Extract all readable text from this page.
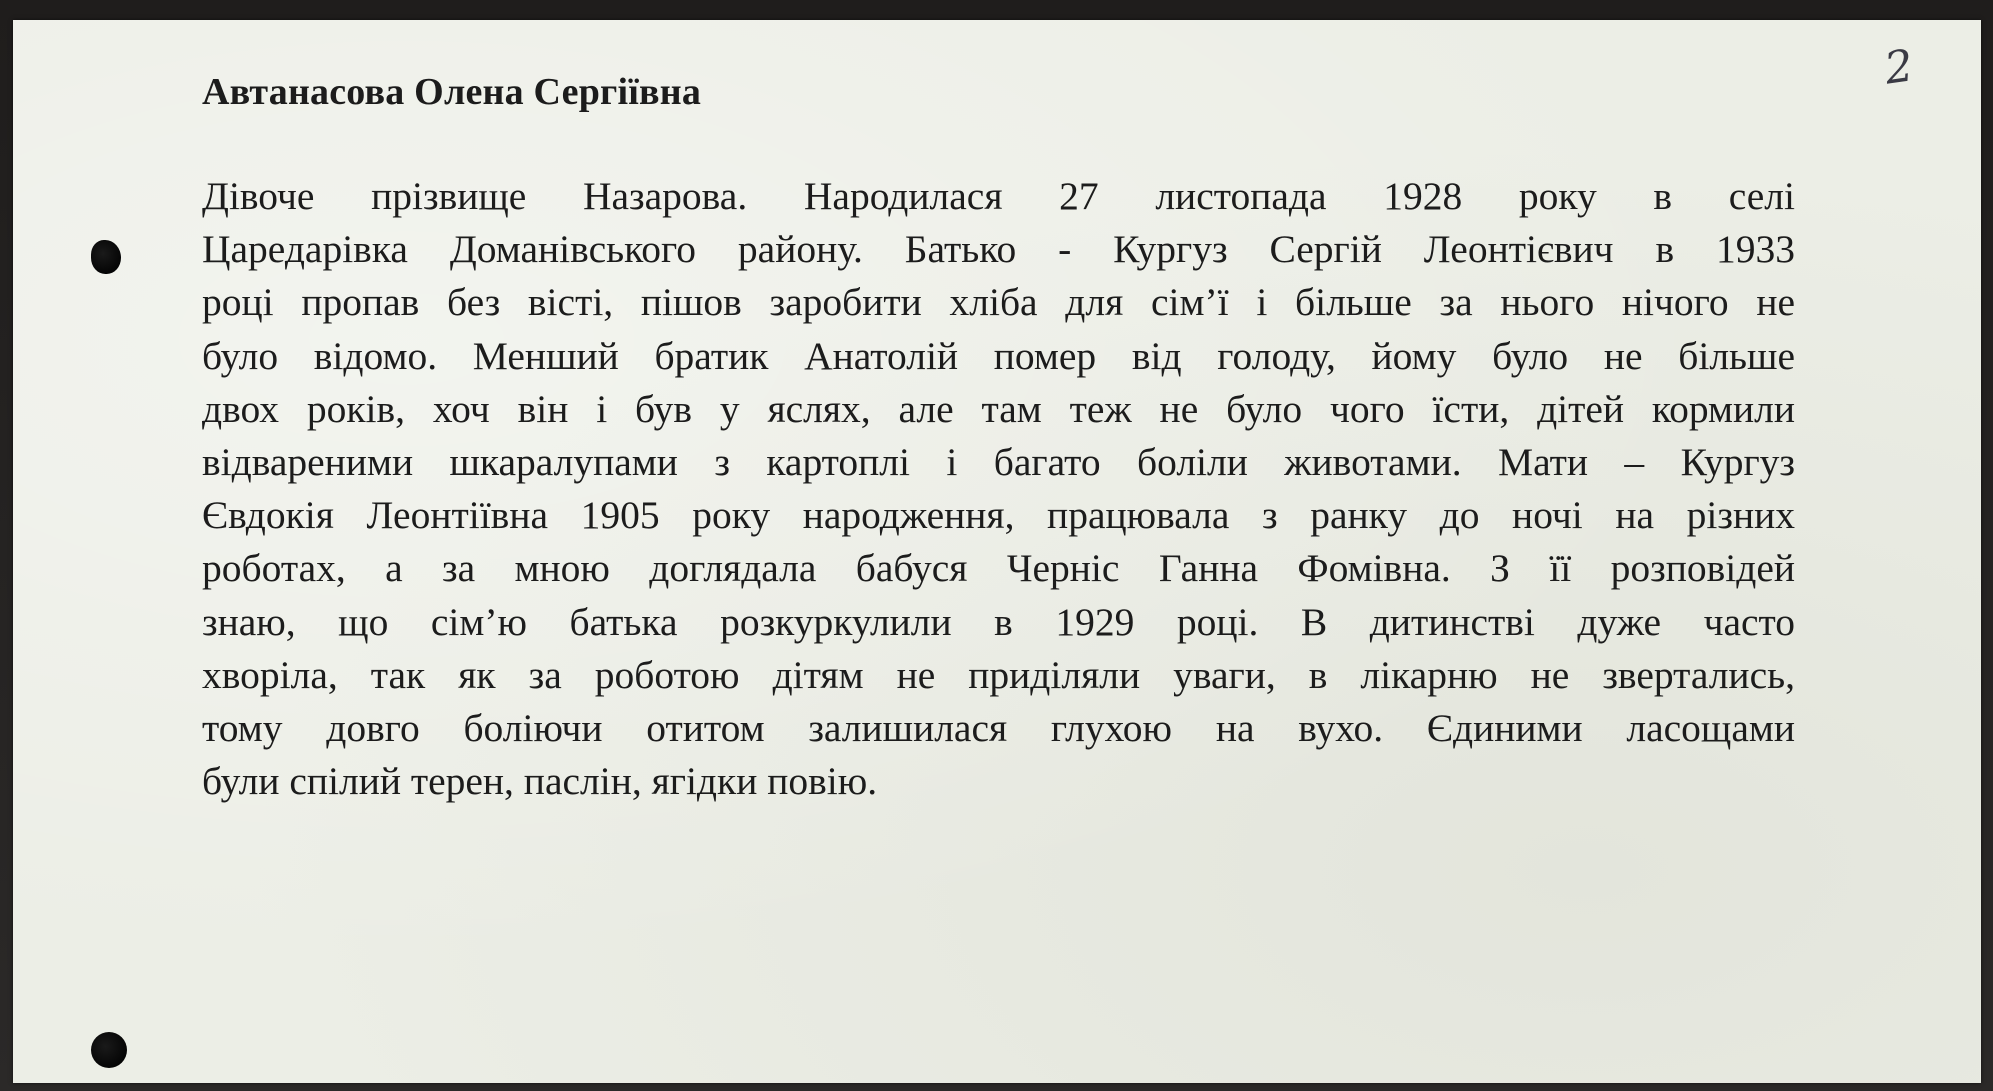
2
Автанасова Олена Сергіївна
Дівоче прізвище Назарова. Народилася 27 листопада 1928 року в селі
Царедарівка Доманівського району. Батько - Кургуз Сергій Леонтієвич в 1933
році пропав без вісті, пішов заробити хліба для сім’ї і більше за нього нічого не
було відомо. Менший братик Анатолій помер від голоду, йому було не більше
двох років, хоч він і був у яслях, але там теж не було чого їсти, дітей кормили
відвареними шкаралупами з картоплі і багато боліли животами. Мати – Кургуз
Євдокія Леонтіївна 1905 року народження, працювала з ранку до ночі на різних
роботах, а за мною доглядала бабуся Черніс Ганна Фомівна. З її розповідей
знаю, що сім’ю батька розкуркулили в 1929 році. В дитинстві дуже часто
хворіла, так як за роботою дітям не приділяли уваги, в лікарню не звертались,
тому довго боліючи отитом залишилася глухою на вухо. Єдиними ласощами
були спілий терен, паслін, ягідки повію.
